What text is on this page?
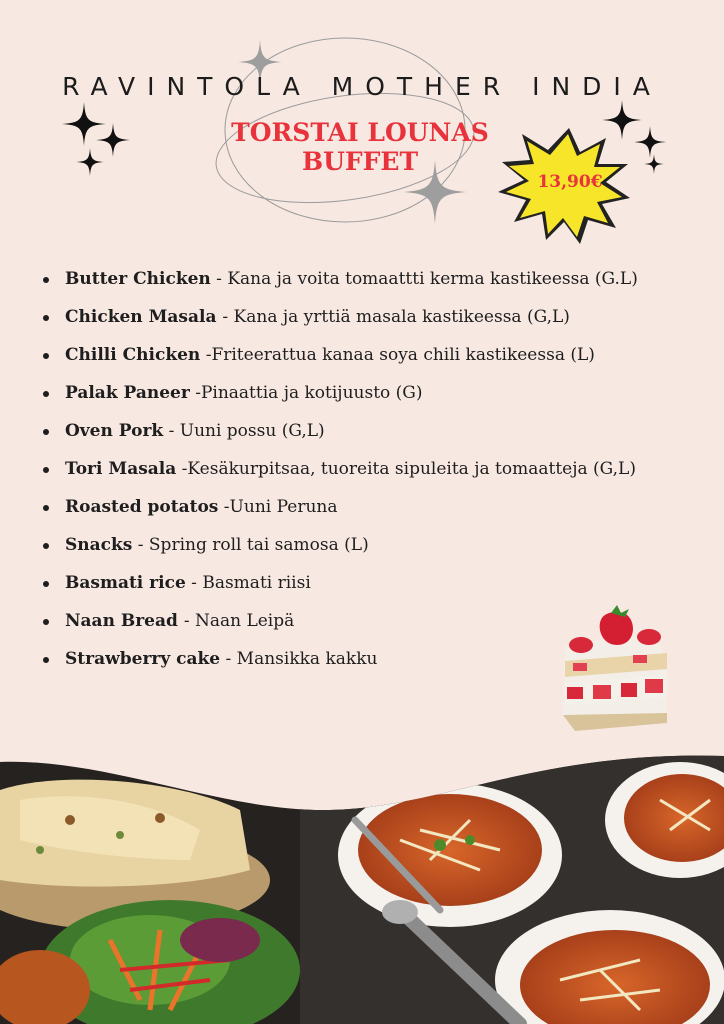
RAVINTOLA MOTHER INDIA
TORSTAI LOUNAS
BUFFET
13,90€
Butter Chicken - Kana ja voita tomaattti kerma kastikeessa (G.L)
Chicken Masala - Kana ja yrttiä masala kastikeessa (G,L)
Chilli Chicken -Friteerattua kanaa soya chili kastikeessa (L)
Palak Paneer -Pinaattia ja kotijuusto (G)
Oven Pork - Uuni possu (G,L)
Tori Masala -Kesäkurpitsaa, tuoreita sipuleita ja tomaatteja (G,L)
Roasted potatos -Uuni Peruna
Snacks - Spring roll tai samosa (L)
Basmati rice - Basmati riisi
Naan Bread - Naan Leipä
Strawberry cake - Mansikka kakku
